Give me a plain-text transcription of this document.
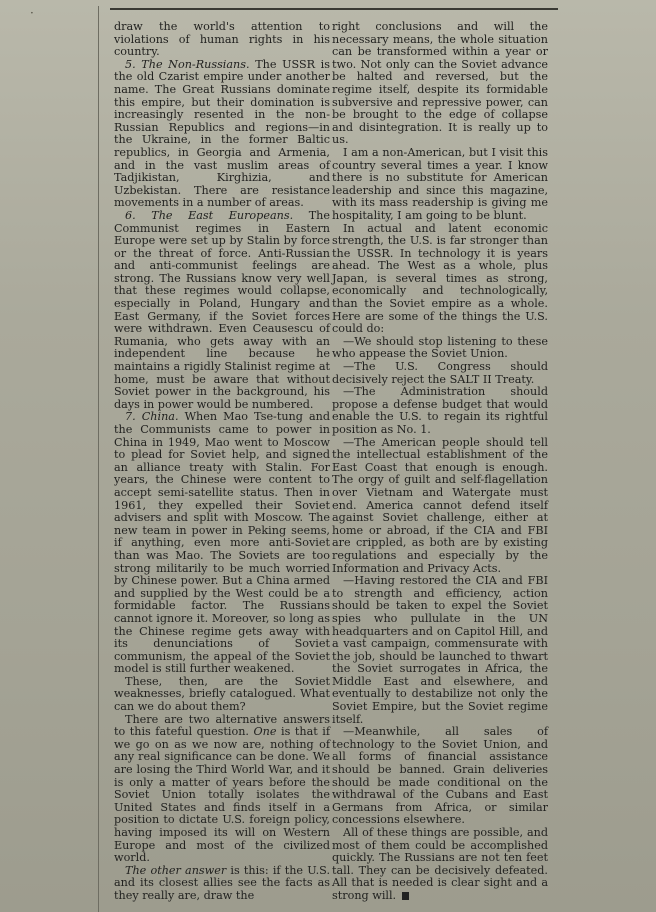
·

draw the world's attention to violations of human rights in his country.

5. The Non-Russians. The USSR is the old Czarist empire under another name. The Great Russians dominate this empire, but their domination is increasingly resented in the non-Russian Republics and regions—in the Ukraine, in the former Baltic republics, in Georgia and Armenia, and in the vast muslim areas of Tadjikistan, Kirghizia, and Uzbekistan. There are resistance movements in a number of areas.

6. The East Europeans. The Communist regimes in Eastern Europe were set up by Stalin by force or the threat of force. Anti-Russian and anti-communist feelings are strong. The Russians know very well that these regimes would collapse, especially in Poland, Hungary and East Germany, if the Soviet forces were withdrawn. Even Ceausescu of Rumania, who gets away with an independent line because he maintains a rigidly Stalinist regime at home, must be aware that without Soviet power in the background, his days in power would be numbered.

7. China. When Mao Tse-tung and the Communists came to power in China in 1949, Mao went to Moscow to plead for Soviet help, and signed an alliance treaty with Stalin. For years, the Chinese were content to accept semi-satellite status. Then in 1961, they expelled their Soviet advisers and split with Moscow. The new team in power in Peking seems, if anything, even more anti-Soviet than was Mao. The Soviets are too strong militarily to be much worried by Chinese power. But a China armed and supplied by the West could be a formidable factor. The Russians cannot ignore it. Moreover, so long as the Chinese regime gets away with its denunciations of Soviet communism, the appeal of the Soviet model is still further weakened.

These, then, are the Soviet weaknesses, briefly catalogued. What can we do about them?

There are two alternative answers to this fateful question. One is that if we go on as we now are, nothing of any real significance can be done. We are losing the Third World War, and it is only a matter of years before the Soviet Union totally isolates the United States and finds itself in a position to dictate U.S. foreign policy, having imposed its will on Western Europe and most of the civilized world.

The other answer is this: if the U.S. and its closest allies see the facts as they really are, draw the

right conclusions and will the necessary means, the whole situation can be transformed within a year or two. Not only can the Soviet advance be halted and reversed, but the regime itself, despite its formidable subversive and repressive power, can be brought to the edge of collapse and disintegration. It is really up to us.

I am a non-American, but I visit this country several times a year. I know there is no substitute for American leadership and since this magazine, with its mass readership is giving me hospitality, I am going to be blunt.

In actual and latent economic strength, the U.S. is far stronger than the USSR. In technology it is years ahead. The West as a whole, plus Japan, is several times as strong, economically and technologically, than the Soviet empire as a whole. Here are some of the things the U.S. could do:

—We should stop listening to these who appease the Soviet Union.

—The U.S. Congress should decisively reject the SALT II Treaty.

—The Administration should propose a defense budget that would enable the U.S. to regain its rightful position as No. 1.

—The American people should tell the intellectual establishment of the East Coast that enough is enough. The orgy of guilt and self-flagellation over Vietnam and Watergate must end. America cannot defend itself against Soviet challenge, either at home or abroad, if the CIA and FBI are crippled, as both are by existing regulations and especially by the Information and Privacy Acts.

—Having restored the CIA and FBI to strength and efficiency, action should be taken to expel the Soviet spies who pullulate in the UN headquarters and on Capitol Hill, and a vast campaign, commensurate with the job, should be launched to thwart the Soviet surrogates in Africa, the Middle East and elsewhere, and eventually to destabilize not only the Soviet Empire, but the Soviet regime itself.

—Meanwhile, all sales of technology to the Soviet Union, and all forms of financial assistance should be banned. Grain deliveries should be made conditional on the withdrawal of the Cubans and East Germans from Africa, or similar concessions elsewhere.

All of these things are possible, and most of them could be accomplished quickly. The Russians are not ten feet tall. They can be decisively defeated. All that is needed is clear sight and a strong will.
